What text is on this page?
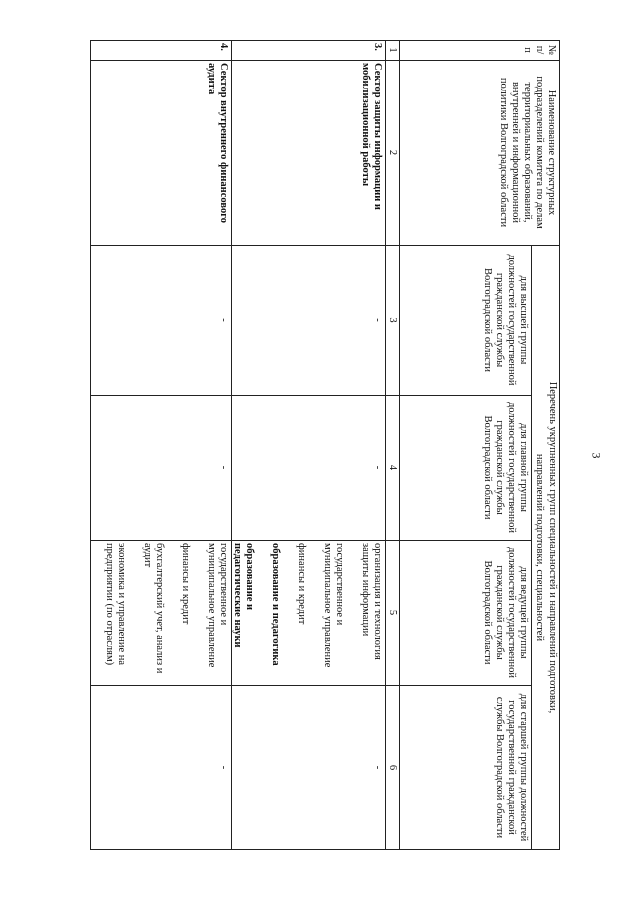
3
№ п/п
Наименование структурных подразделений комитета по делам территориальных образований, внутренней и информационной политики Волгоградской области
Перечень укрупненных групп специальностей и направлений подготовки,
направлений подготовки, специальностей
для высшей группы должностей государственной гражданской службы Волгоградской области
для главной группы должностей государственной гражданской службы Волгоградской области
для ведущей группы должностей государственной гражданской службы Волгоградской области
для старшей группы должностей государственной гражданской службы Волгоградской области
1
2
3
4
5
6
3.
Сектор защиты информации и мобилизационной работы
-
-
организация и технология защиты информации
государственное и муниципальное управление
финансы и кредит
образование и педагогика
образование и педагогические науки
-
4.
Сектор внутреннего финансового аудита
-
-
государственное и муниципальное управление
финансы и кредит
бухгалтерский учет, анализ и аудит
экономика и управление на предприятии (по отраслям)
-
